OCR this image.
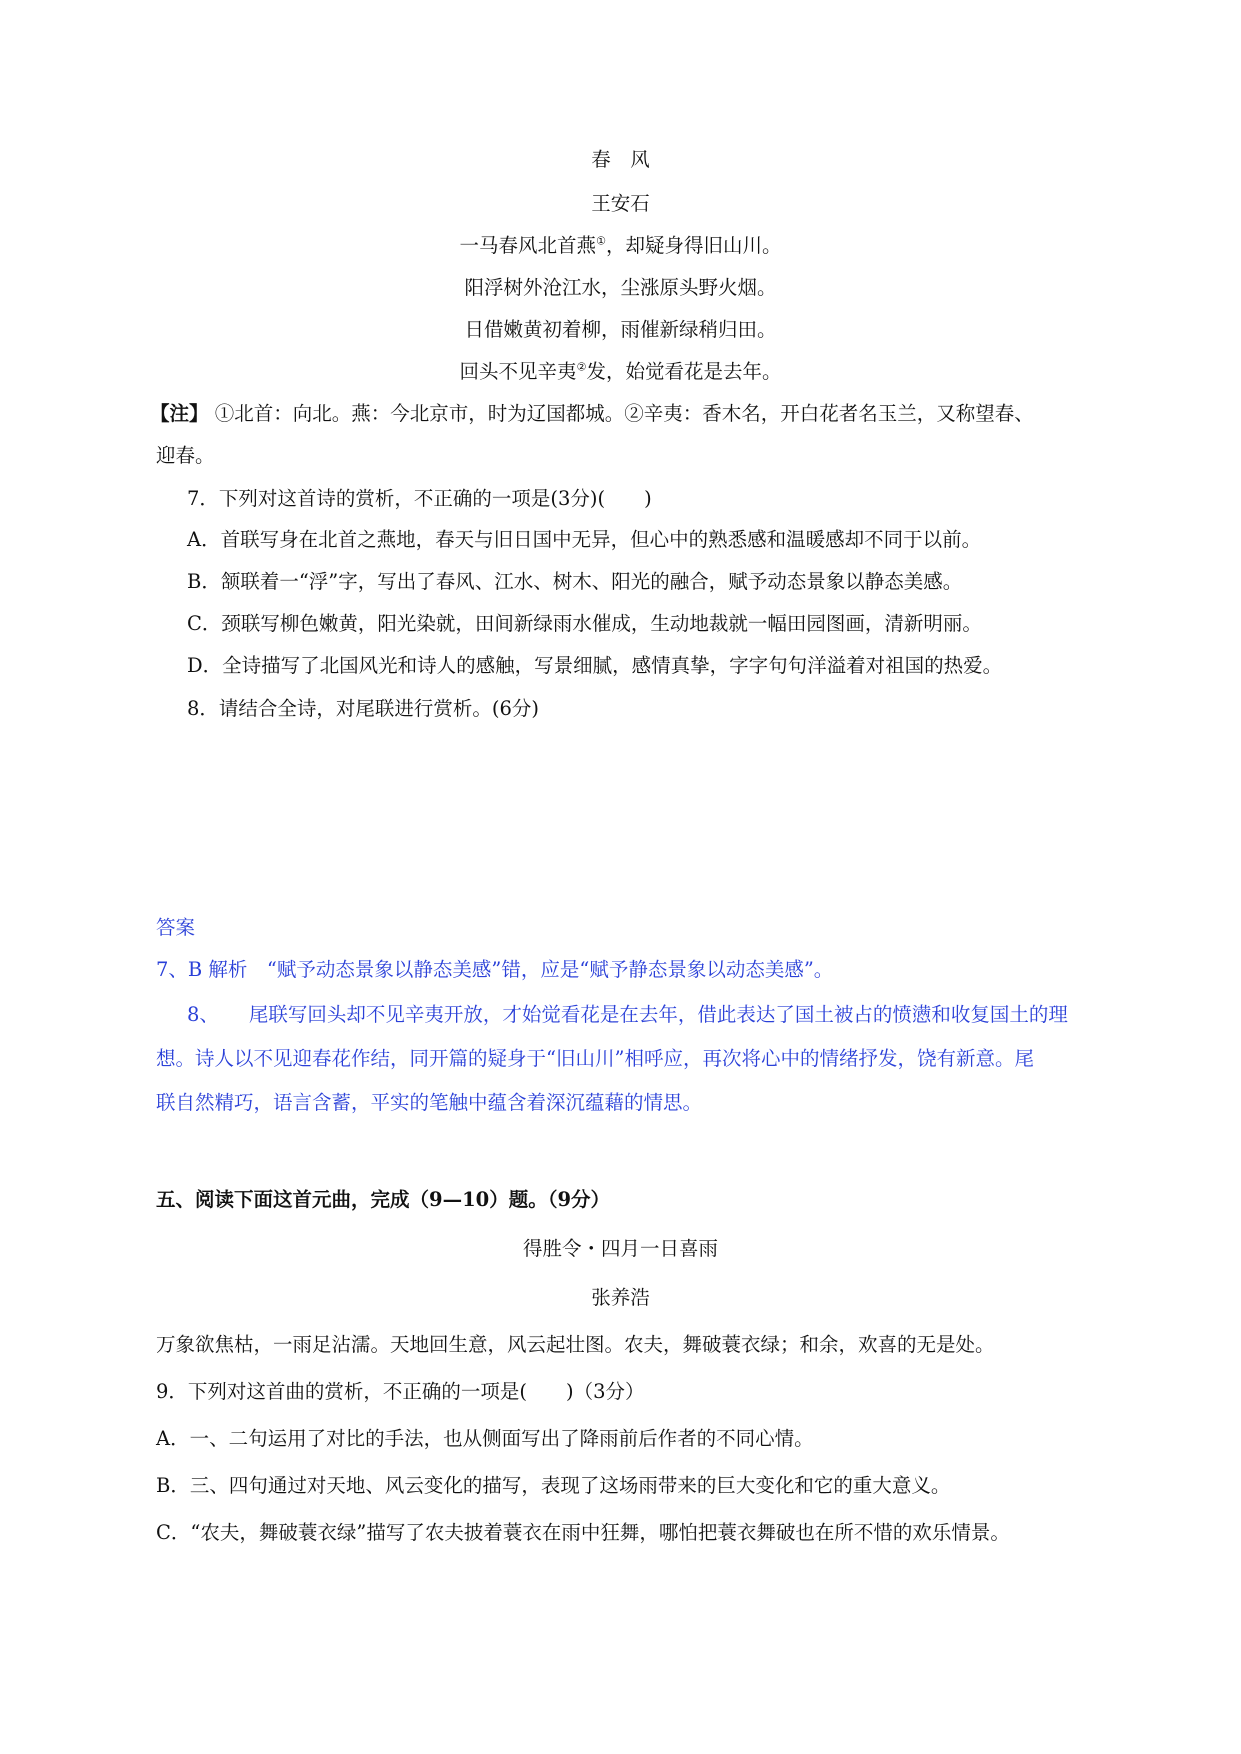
春　风
王安石
一马春风北首燕①，却疑身得旧山川。
阳浮树外沧江水，尘涨原头野火烟。
日借嫩黄初着柳，雨催新绿稍归田。
回头不见辛夷②发，始觉看花是去年。
【注】 ①北首：向北。燕：今北京市，时为辽国都城。②辛夷：香木名，开白花者名玉兰，又称望春、
迎春。
7．下列对这首诗的赏析，不正确的一项是(3分)(　　)
A．首联写身在北首之燕地，春天与旧日国中无异，但心中的熟悉感和温暖感却不同于以前。
B．颔联着一“浮”字，写出了春风、江水、树木、阳光的融合，赋予动态景象以静态美感。
C．颈联写柳色嫩黄，阳光染就，田间新绿雨水催成，生动地裁就一幅田园图画，清新明丽。
D．全诗描写了北国风光和诗人的感触，写景细腻，感情真挚，字字句句洋溢着对祖国的热爱。
8．请结合全诗，对尾联进行赏析。(6分)
答案
7、B 解析　“赋予动态景象以静态美感”错，应是“赋予静态景象以动态美感”。
8、 尾联写回头却不见辛夷开放，才始觉看花是在去年，借此表达了国土被占的愤懑和收复国土的理
想。诗人以不见迎春花作结，同开篇的疑身于“旧山川”相呼应，再次将心中的情绪抒发，饶有新意。尾
联自然精巧，语言含蓄，平实的笔触中蕴含着深沉蕴藉的情思。
五、阅读下面这首元曲，完成（9—10）题。（9分）
得胜令・四月一日喜雨
张养浩
万象欲焦枯，一雨足沾濡。天地回生意，风云起壮图。农夫，舞破蓑衣绿；和余，欢喜的无是处。
9．下列对这首曲的赏析，不正确的一项是(　　)（3分）
A．一、二句运用了对比的手法，也从侧面写出了降雨前后作者的不同心情。
B．三、四句通过对天地、风云变化的描写，表现了这场雨带来的巨大变化和它的重大意义。
C．“农夫，舞破蓑衣绿”描写了农夫披着蓑衣在雨中狂舞，哪怕把蓑衣舞破也在所不惜的欢乐情景。
